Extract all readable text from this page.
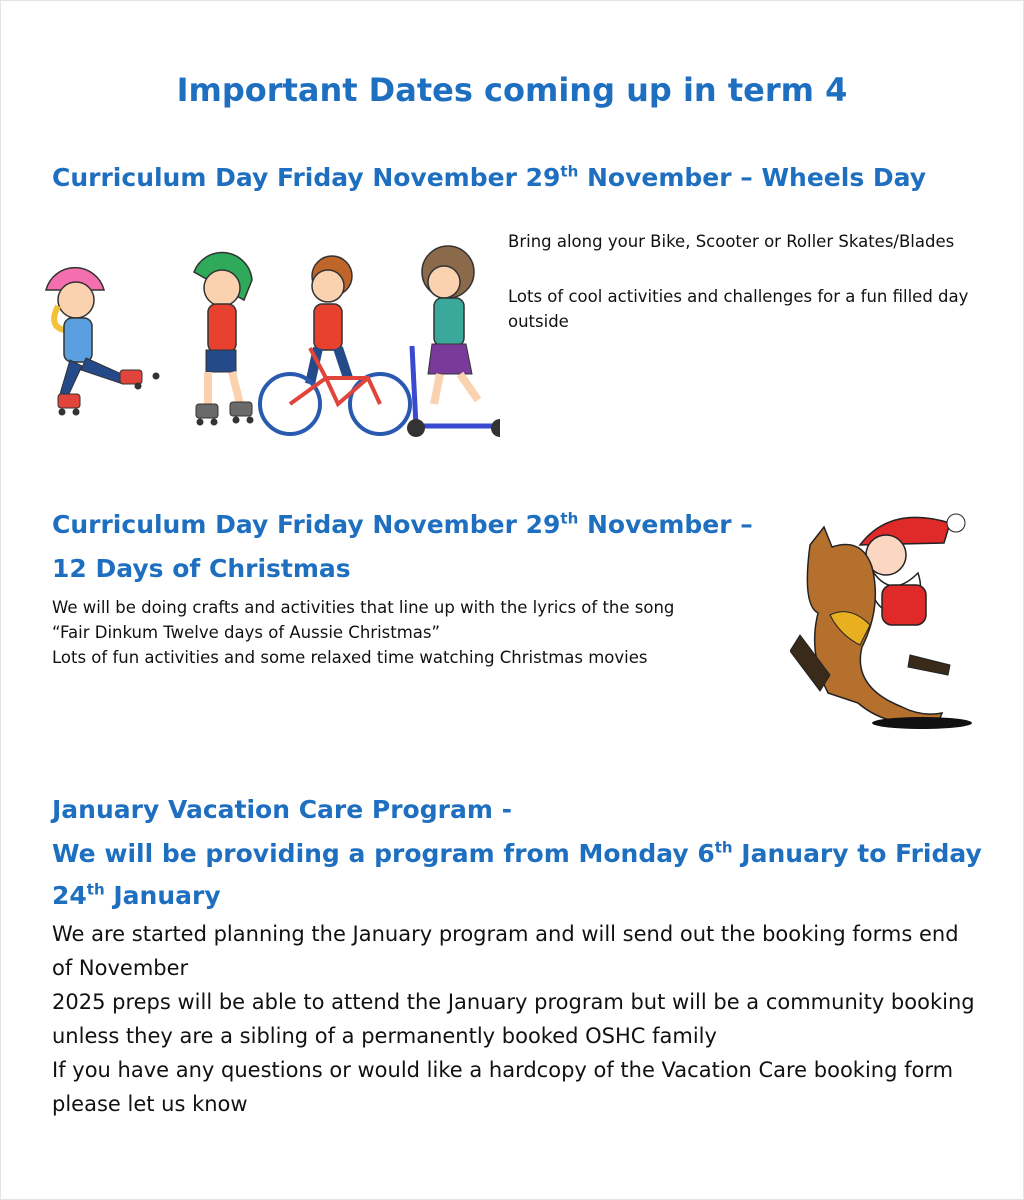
Important Dates coming up in term 4
Curriculum Day Friday November 29th November – Wheels Day

Bring along your Bike, Scooter or Roller Skates/Blades

Lots of cool activities and challenges for a fun filled day outside

Curriculum Day Friday November 29th November –
12 Days of Christmas
We will be doing crafts and activities that line up with the lyrics of the song
“Fair Dinkum Twelve days of Aussie Christmas”
Lots of fun activities and some relaxed time watching Christmas movies
January Vacation Care Program -
We will be providing a program from Monday 6th January to Friday
24th January
We are started planning the January program and will send out the booking forms end
of November
2025 preps will be able to attend the January program but will be a community booking
unless they are a sibling of a permanently booked OSHC family
If you have any questions or would like a hardcopy of the Vacation Care booking form
please let us know
